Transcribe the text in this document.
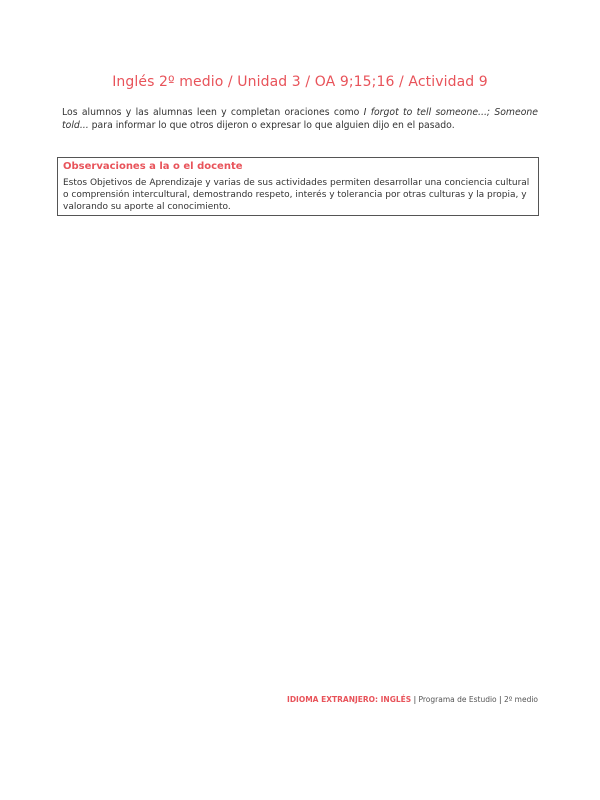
Inglés 2º medio / Unidad 3 / OA 9;15;16 / Actividad 9

Los alumnos y las alumnas leen y completan oraciones como I forgot to tell someone...; Someone told... para informar lo que otros dijeron o expresar lo que alguien dijo en el pasado.

Observaciones a la o el docente
Estos Objetivos de Aprendizaje y varias de sus actividades permiten desarrollar una conciencia cultural o comprensión intercultural, demostrando respeto, interés y tolerancia por otras culturas y la propia, y valorando su aporte al conocimiento.
IDIOMA EXTRANJERO: INGLÉS | Programa de Estudio | 2º medio
